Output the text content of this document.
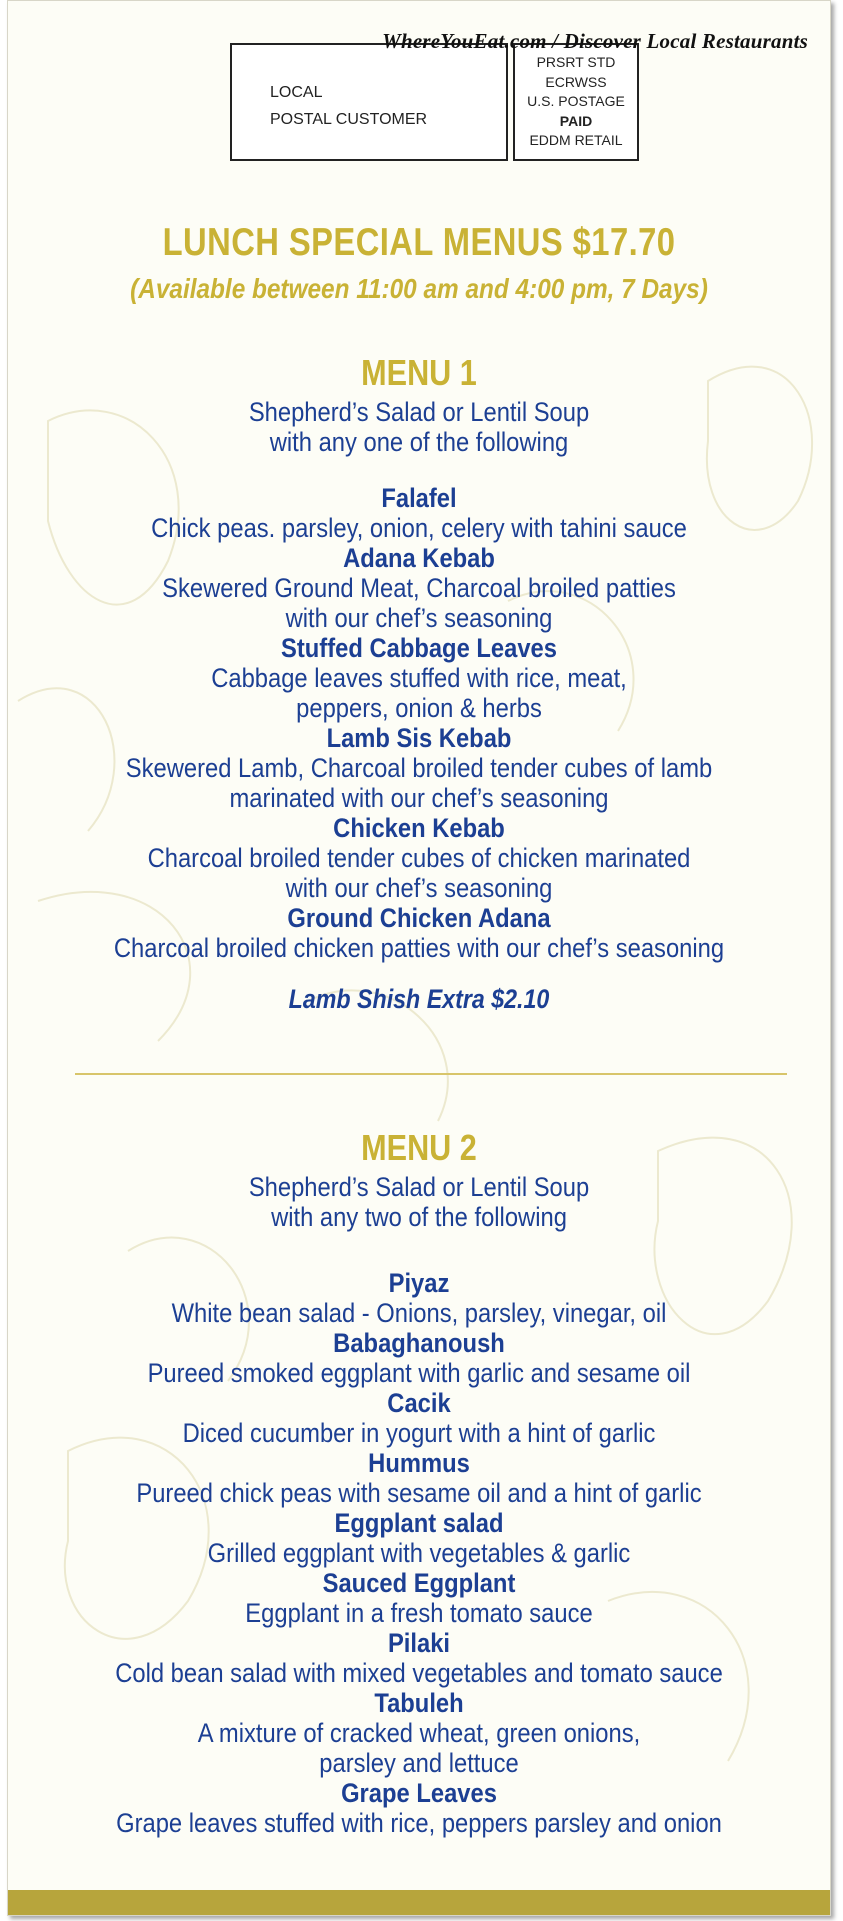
LOCAL
POSTAL CUSTOMER
PRSRT STD
ECRWSS
U.S. POSTAGE
PAID
EDDM RETAIL
WhereYouEat.com / Discover Local Restaurants
LUNCH SPECIAL MENUS $17.70
(Available between 11:00 am and 4:00 pm, 7 Days)
MENU 1
Shepherd’s Salad or Lentil Soup
with any one of the following
Falafel
Chick peas. parsley, onion, celery with tahini sauce
Adana Kebab
Skewered Ground Meat, Charcoal broiled patties
with our chef’s seasoning
Stuffed Cabbage Leaves
Cabbage leaves stuffed with rice, meat,
peppers, onion & herbs
Lamb Sis Kebab
Skewered Lamb, Charcoal broiled tender cubes of lamb
marinated with our chef’s seasoning
Chicken Kebab
Charcoal broiled tender cubes of chicken marinated
with our chef’s seasoning
Ground Chicken Adana
Charcoal broiled chicken patties with our chef’s seasoning
Lamb Shish Extra $2.10
MENU 2
Shepherd’s Salad or Lentil Soup
with any two of the following
Piyaz
White bean salad - Onions, parsley, vinegar, oil
Babaghanoush
Pureed smoked eggplant with garlic and sesame oil
Cacik
Diced cucumber in yogurt with a hint of garlic
Hummus
Pureed chick peas with sesame oil and a hint of garlic
Eggplant salad
Grilled eggplant with vegetables & garlic
Sauced Eggplant
Eggplant in a fresh tomato sauce
Pilaki
Cold bean salad with mixed vegetables and tomato sauce
Tabuleh
A mixture of cracked wheat, green onions,
parsley and lettuce
Grape Leaves
Grape leaves stuffed with rice, peppers parsley and onion
